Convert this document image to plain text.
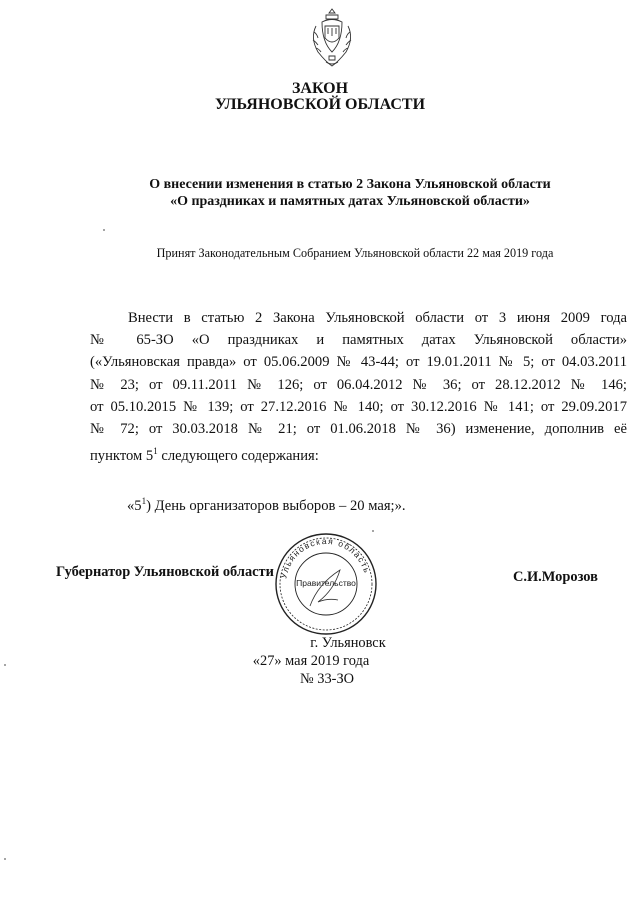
ЗАКОН
УЛЬЯНОВСКОЙ ОБЛАСТИ
О внесении изменения в статью 2 Закона Ульяновской области
«О праздниках и памятных датах Ульяновской области»
Принят Законодательным Собранием Ульяновской области 22 мая 2019 года
Внести в статью 2 Закона Ульяновской области от 3 июня 2009 года
№ 65-ЗО «О праздниках и памятных датах Ульяновской области»
(«Ульяновская правда» от 05.06.2009 № 43-44; от 19.01.2011 № 5; от 04.03.2011
№ 23; от 09.11.2011 № 126; от 06.04.2012 № 36; от 28.12.2012 № 146;
от 05.10.2015 № 139; от 27.12.2016 № 140; от 30.12.2016 № 141; от 29.09.2017
№ 72; от 30.03.2018 № 21; от 01.06.2018 № 36) изменение, дополнив её
пунктом $5^1$ следующего содержания:
«$5^1$) День организаторов выборов – 20 мая;».
Губернатор Ульяновской области Ульяновская область
Правительство	С.И.Морозов
г. Ульяновск
«27» мая 2019 года
№ 33-ЗО
